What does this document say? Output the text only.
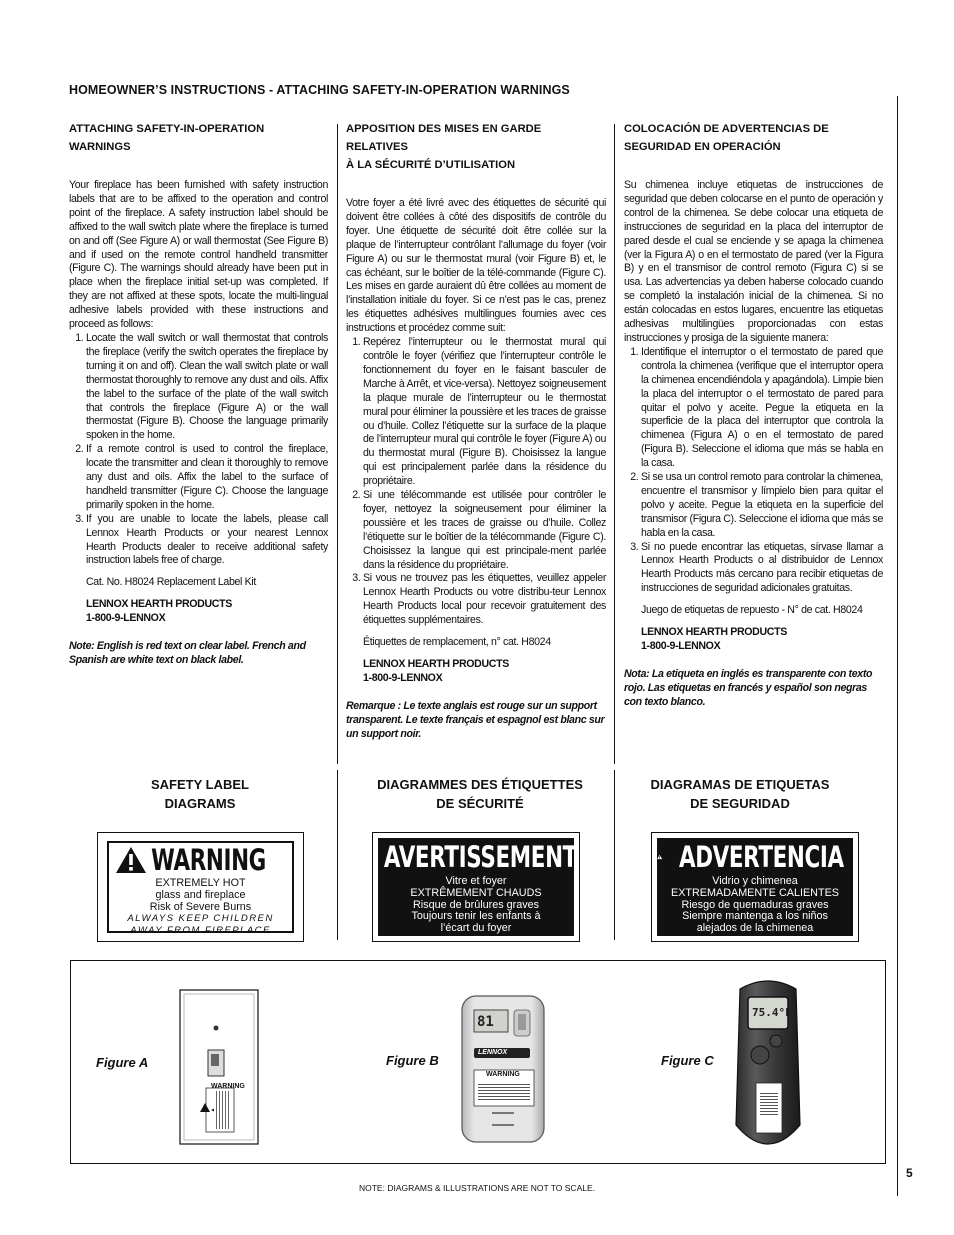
HOMEOWNER’S INSTRUCTIONS - ATTACHING SAFETY-IN-OPERATION WARNINGS
ATTACHING SAFETY-IN-OPERATION
WARNINGS

Your fireplace has been furnished with safety instruction labels that are to be affixed to the operation and control point of the fireplace. A safety instruction label should be affixed to the wall switch plate where the fireplace is turned on and off (See Figure A) or wall thermostat (See Figure B) and if used on the remote control handheld transmitter (Figure C). The warnings should already have been put in place when the fireplace initial set-up was completed. If they are not affixed at these spots, locate the multi-lingual adhesive labels provided with these instructions and proceed as follows:

1. Locate the wall switch or wall thermostat that controls the fireplace (verify the switch operates the fireplace by turning it on and off). Clean the wall switch plate or wall thermostat thoroughly to remove any dust and oils. Affix the label to the surface of the plate of the wall switch that controls the fireplace (Figure A) or the wall thermostat (Figure B). Choose the language primarily spoken in the home.
2. If a remote control is used to control the fireplace, locate the transmitter and clean it thoroughly to remove any dust and oils. Affix the label to the surface of handheld transmitter (Figure C). Choose the language primarily spoken in the home.
3. If you are unable to locate the labels, please call Lennox Hearth Products or your nearest Lennox Hearth Products dealer to receive additional safety instruction labels free of charge.
Cat. No. H8024 Replacement Label Kit
LENNOX HEARTH PRODUCTS
1-800-9-LENNOX
Note: English is red text on clear label. French and Spanish are white text on black label.
APPOSITION DES MISES EN GARDE RELATIVES
À LA SÉCURITÉ D’UTILISATION

Votre foyer a été livré avec des étiquettes de sécurité qui doivent être collées à côté des dispositifs de contrôle du foyer. Une étiquette de sécurité doit être collée sur la plaque de l’interrupteur contrôlant l’allumage du foyer (voir Figure A) ou sur le thermostat mural (voir Figure B) et, le cas échéant, sur le boîtier de la télé-commande (Figure C). Les mises en garde auraient dû être collées au moment de l’installation initiale du foyer. Si ce n’est pas le cas, prenez les étiquettes adhésives multilingues fournies avec ces instructions et procédez comme suit:

1. Repérez l’interrupteur ou le thermostat mural qui contrôle le foyer (vérifiez que l’interrupteur contrôle le fonctionnement du foyer en le faisant basculer de Marche à Arrêt, et vice-versa). Nettoyez soigneusement la plaque murale de l’interrupteur ou le thermostat mural pour éliminer la poussière et les traces de graisse ou d’huile. Collez l’étiquette sur la surface de la plaque de l’interrupteur mural qui contrôle le foyer (Figure A) ou du thermostat mural (Figure B). Choisissez la langue qui est principalement parlée dans la résidence du propriétaire.
2. Si une télécommande est utilisée pour contrôler le foyer, nettoyez la soigneusement pour éliminer la poussière et les traces de graisse ou d’huile. Collez l’étiquette sur le boîtier de la télécommande (Figure C). Choisissez la langue qui est principale-ment parlée dans la résidence du propriétaire.
3. Si vous ne trouvez pas les étiquettes, veuillez appeler Lennox Hearth Products ou votre distribu-teur Lennox Hearth Products local pour recevoir gratuitement des étiquettes supplémentaires.
Étiquettes de remplacement, n° cat. H8024
LENNOX HEARTH PRODUCTS
1-800-9-LENNOX
Remarque : Le texte anglais est rouge sur un support transparent. Le texte français et espagnol est blanc sur un support noir.
COLOCACIÓN DE ADVERTENCIAS DE
SEGURIDAD EN OPERACIÓN

Su chimenea incluye etiquetas de instrucciones de seguridad que deben colocarse en el punto de operación y control de la chimenea. Se debe colocar una etiqueta de instrucciones de seguridad en la placa del interruptor de pared desde el cual se enciende y se apaga la chimenea (ver la Figura A) o en el termostato de pared (ver la Figura B) y en el transmisor de control remoto (Figura C) si se usa. Las advertencias ya deben haberse colocado cuando se completó la instalación inicial de la chimenea. Si no están colocadas en estos lugares, encuentre las etiquetas adhesivas multilingües proporcionadas con estas instrucciones y prosiga de la siguiente manera:

1. Identifique el interruptor o el termostato de pared que controla la chimenea (verifique que el interruptor opera la chimenea encendiéndola y apagándola). Limpie bien la placa del interruptor o el termostato de pared para quitar el polvo y aceite. Pegue la etiqueta en la superficie de la placa del interruptor que controla la chimenea (Figura A) o en el termostato de pared (Figura B). Seleccione el idioma que más se habla en la casa.
2. Si se usa un control remoto para controlar la chimenea, encuentre el transmisor y límpielo bien para quitar el polvo y aceite. Pegue la etiqueta en la superficie del transmisor (Figura C). Seleccione el idioma que más se habla en la casa.
3. Si no puede encontrar las etiquetas, sírvase llamar a Lennox Hearth Products o al distribuidor de Lennox Hearth Products más cercano para recibir etiquetas de instrucciones de seguridad adicionales gratuitas.
Juego de etiquetas de repuesto - N° de cat. H8024
LENNOX HEARTH PRODUCTS
1-800-9-LENNOX
Nota: La etiqueta en inglés es transparente con texto rojo. Las etiquetas en francés y español son negras con texto blanco.
SAFETY LABEL
DIAGRAMS
DIAGRAMMES DES ÉTIQUETTES
DE SÉCURITÉ
DIAGRAMAS DE ETIQUETAS
DE SEGURIDAD
WARNING
EXTREMELY HOT
glass and fireplace
Risk of Severe Burns
ALWAYS KEEP CHILDREN
AWAY FROM FIREPLACE
AVERTISSEMENT
Vitre et foyer
EXTRÊMEMENT CHAUDS
Risque de brûlures graves
Toujours tenir les enfants à
l’écart du foyer
ADVERTENCIA
Vidrio y chimenea
EXTREMADAMENTE CALIENTES
Riesgo de quemaduras graves
Siempre mantenga a los niños
alejados de la chimenea
Figure A	Figure B	Figure C
▲
WARNING
81
LENNOX
WARNING
75.4°F
NOTE: DIAGRAMS & ILLUSTRATIONS ARE NOT TO SCALE.
5
